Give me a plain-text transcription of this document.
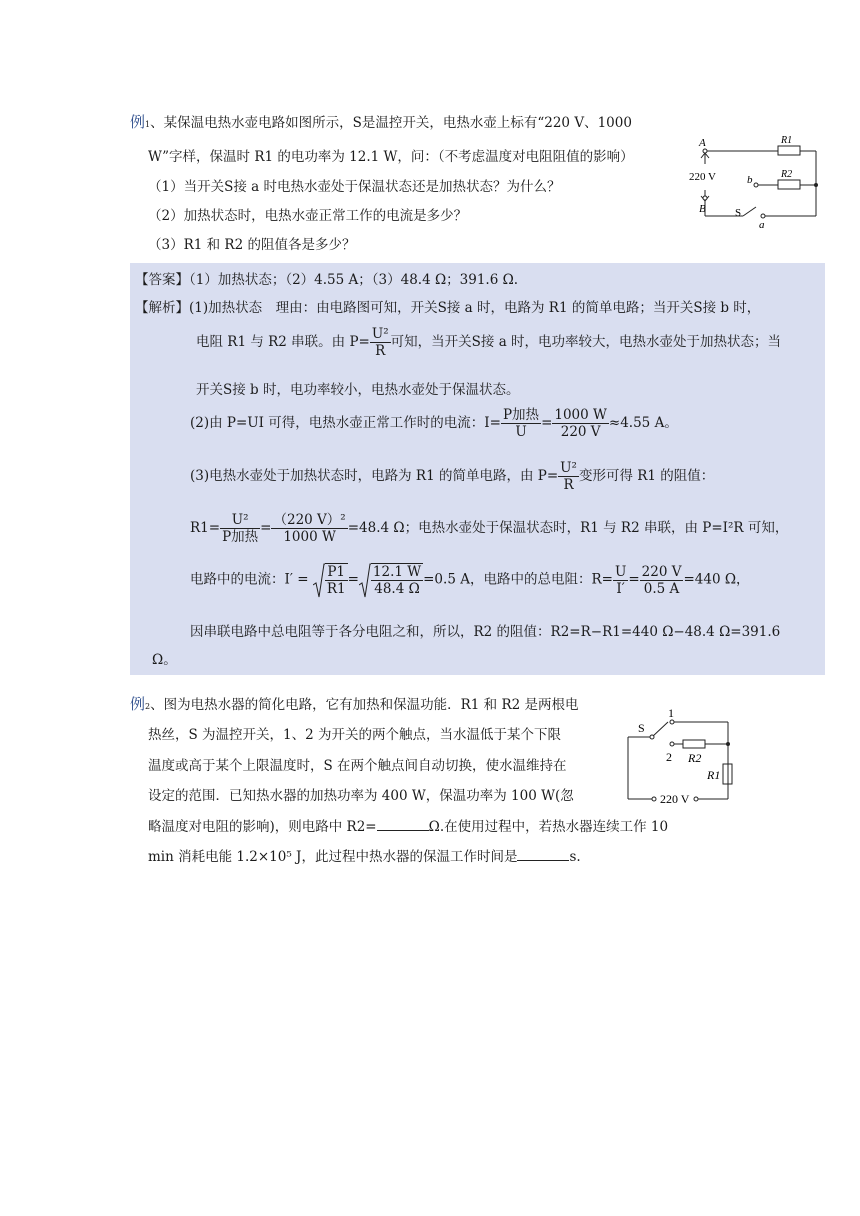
例1、某保温电热水壶电路如图所示，S是温控开关，电热水壶上标有“220 V、1000
W”字样，保温时 R1 的电功率为 12.1 W，问：（不考虑温度对电阻阻值的影响）
（1）当开关S接 a 时电热水壶处于保温状态还是加热状态？为什么？
（2）加热状态时，电热水壶正常工作的电流是多少？
（3）R1 和 R2 的阻值各是多少？
A
220 V
B
b
S
a
R1
R2
【答案】（1）加热状态；（2）4.55 A；（3）48.4 Ω；391.6 Ω.
【解析】(1)加热状态　理由：由电路图可知，开关S接 a 时，电路为 R1 的简单电路；当开关S接 b 时，
电阻 R1 与 R2 串联。由 $P= \frac{\text{U²}}{R}$ 可知，当开关S接 a 时，电功率较大，电热水壶处于加热状态；当
开关S接 b 时，电功率较小，电热水壶处于保温状态。
(2)由 P=UI 可得，电热水壶正常工作时的电流：$I= \frac{\text{P加热}}{U} = \frac{1000 W}{220 V} \approx 4.55$ A。
(3)电热水壶处于加热状态时，电路为 R1 的简单电路，由 $P= \frac{\text{U²}}{R}$ 变形可得 R1 的阻值：
$R1= \frac{\text{U²}}{\text{P加热}} = \frac{\text{（220 V）²}}{1000 W} =48.4$ Ω；电热水壶处于保温状态时，R1 与 R2 串联，由 P=I²R 可知，
电路中的电流：$I' = \frac{P1}{R1} = \frac{12.1 W}{48.4 \Omega} =0.5$ A，电路中的总电阻：$R= \frac{U}{I'} = \frac{220 V}{0.5 A} =440$ Ω，
因串联电路中总电阻等于各分电阻之和，所以，R2 的阻值：R2=R−R1=440 Ω−48.4 Ω=391.6
Ω。
例2、图为电热水器的简化电路，它有加热和保温功能．R1 和 R2 是两根电
热丝，S 为温控开关，1、2 为开关的两个触点，当水温低于某个下限
温度或高于某个上限温度时，S 在两个触点间自动切换，使水温维持在
设定的范围．已知热水器的加热功率为 400 W，保温功率为 100 W(忽
略温度对电阻的影响)，则电路中 R2=	Ω.在使用过程中，若热水器连续工作 10
min 消耗电能 1.2×10⁵ J，此过程中热水器的保温工作时间是	s.
S
1
2 R2
R1
220 V
